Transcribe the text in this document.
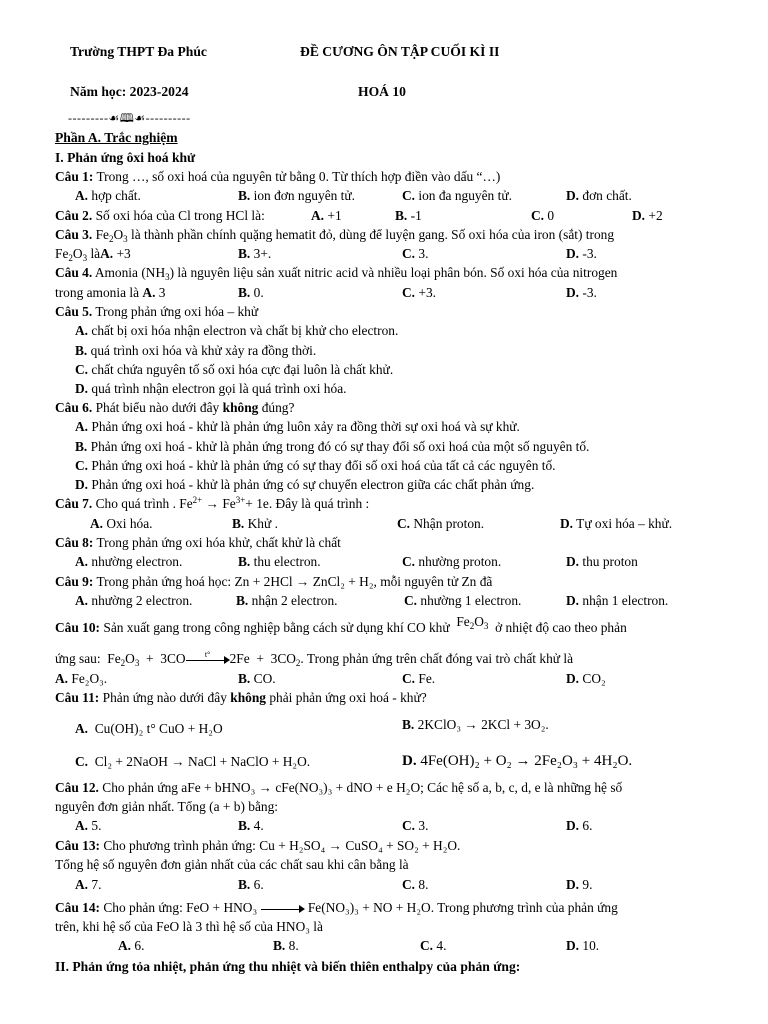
Trường THPT Đa Phúc	ĐỀ CƯƠNG ÔN TẬP CUỐI KÌ II
Năm học: 2023-2024	HOÁ 10
---------☙🕮☙----------
Phần A. Trắc nghiệm
I. Phản ứng ôxi hoá khử
Câu 1: Trong …, số oxi hoá của nguyên tử bằng 0. Từ thích hợp điền vào dấu “…)
A. hợp chất.	B. ion đơn nguyên tử.	C. ion đa nguyên tử.	D. đơn chất.
Câu 2. Số oxi hóa của Cl trong HCl là:	A. +1	B. -1	C. 0	D. +2
Câu 3. $Fe_2O_3$ là thành phần chính quặng hematit đỏ, dùng để luyện gang. Số oxi hóa của iron (sắt) trong
$Fe_2O_3$ làA. +3	B. 3+.	C. 3.	D. -3.
Câu 4. Amonia $(NH_3)$ là nguyên liệu sản xuất nitric acid và nhiều loại phân bón. Số oxi hóa của nitrogen
trong amonia là A. 3	B. 0.	C. +3.	D. -3.
Câu 5. Trong phản ứng oxi hóa – khử
A. chất bị oxi hóa nhận electron và chất bị khử cho electron.
B. quá trình oxi hóa và khử xảy ra đồng thời.
C. chất chứa nguyên tố số oxi hóa cực đại luôn là chất khử.
D. quá trình nhận electron gọi là quá trình oxi hóa.
Câu 6. Phát biểu nào dưới đây không đúng?
A. Phản ứng oxi hoá - khử là phản ứng luôn xảy ra đồng thời sự oxi hoá và sự khử.
B. Phản ứng oxi hoá - khử là phản ứng trong đó có sự thay đổi số oxi hoá của một số nguyên tố.
C. Phản ứng oxi hoá - khử là phản ứng có sự thay đổi số oxi hoá của tất cả các nguyên tố.
D. Phản ứng oxi hoá - khử là phản ứng có sự chuyển electron giữa các chất phản ứng.
Câu 7. Cho quá trình . $Fe^{2+} \to Fe^{3+}+ 1e$. Đây là quá trình :
A. Oxi hóa.	B. Khử .	C. Nhận proton.	D. Tự oxi hóa – khử.
Câu 8: Trong phản ứng oxi hóa khử, chất khử là chất
A. nhường electron.	B. thu electron.	C. nhường proton.	D. thu proton
Câu 9: Trong phản ứng hoá học: Zn + 2HCl → ZnCl₂ + H₂, mỗi nguyên tử Zn đã
A. nhường 2 electron.	B. nhận 2 electron.	C. nhường 1 electron.	D. nhận 1 electron.
Câu 10: Sản xuất gang trong công nghiệp bằng cách sử dụng khí CO khử $Fe_2O_3$ ở nhiệt độ cao theo phản
ứng sau:  $Fe_2O_3 + 3CO$	t°	$2Fe + 3CO_2$. Trong phản ứng trên chất đóng vai trò chất khử là
A. Fe₂O₃.	B. CO.	C. Fe.	D. CO₂
Câu 11: Phản ứng nào dưới đây không phải phản ứng oxi hoá - khử?
A. Cu(OH)₂ t° CuO + H₂O	B. 2KClO₃ → 2KCl + 3O₂.
C. Cl₂ + 2NaOH → NaCl + NaClO + H₂O.	D. 4Fe(OH)₂ + O₂ → 2Fe₂O₃ + 4H₂O.
Câu 12. Cho phản ứng aFe + bHNO₃ → cFe(NO₃)₃ + dNO + e H₂O; Các hệ số a, b, c, d, e là những hệ số
nguyên đơn giản nhất. Tổng (a + b) bằng:
A. 5.	B. 4.	C. 3.	D. 6.
Câu 13: Cho phương trình phản ứng: Cu + H₂SO₄ → CuSO₄ + SO₂ + H₂O.
Tổng hệ số nguyên đơn giản nhất của các chất sau khi cân bằng là
A. 7.	B. 6.	C. 8.	D. 9.
Câu 14: Cho phản ứng: FeO + HNO₃	Fe(NO₃)₃ + NO + H₂O. Trong phương trình của phản ứng
trên, khi hệ số của FeO là 3 thì hệ số của HNO₃ là
A. 6.	B. 8.	C. 4.	D. 10.
II. Phản ứng tỏa nhiệt, phản ứng thu nhiệt và biến thiên enthalpy của phản ứng:
